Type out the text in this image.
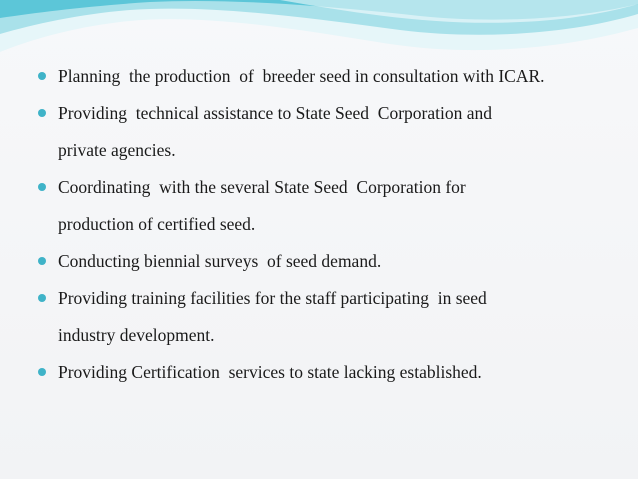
Planning  the production  of  breeder seed in consultation with ICAR.
Providing  technical assistance to State Seed  Corporation and
private agencies.
Coordinating  with the several State Seed  Corporation for
production of certified seed.
Conducting biennial surveys  of seed demand.
Providing training facilities for the staff participating  in seed
industry development.
Providing Certification  services to state lacking established.
